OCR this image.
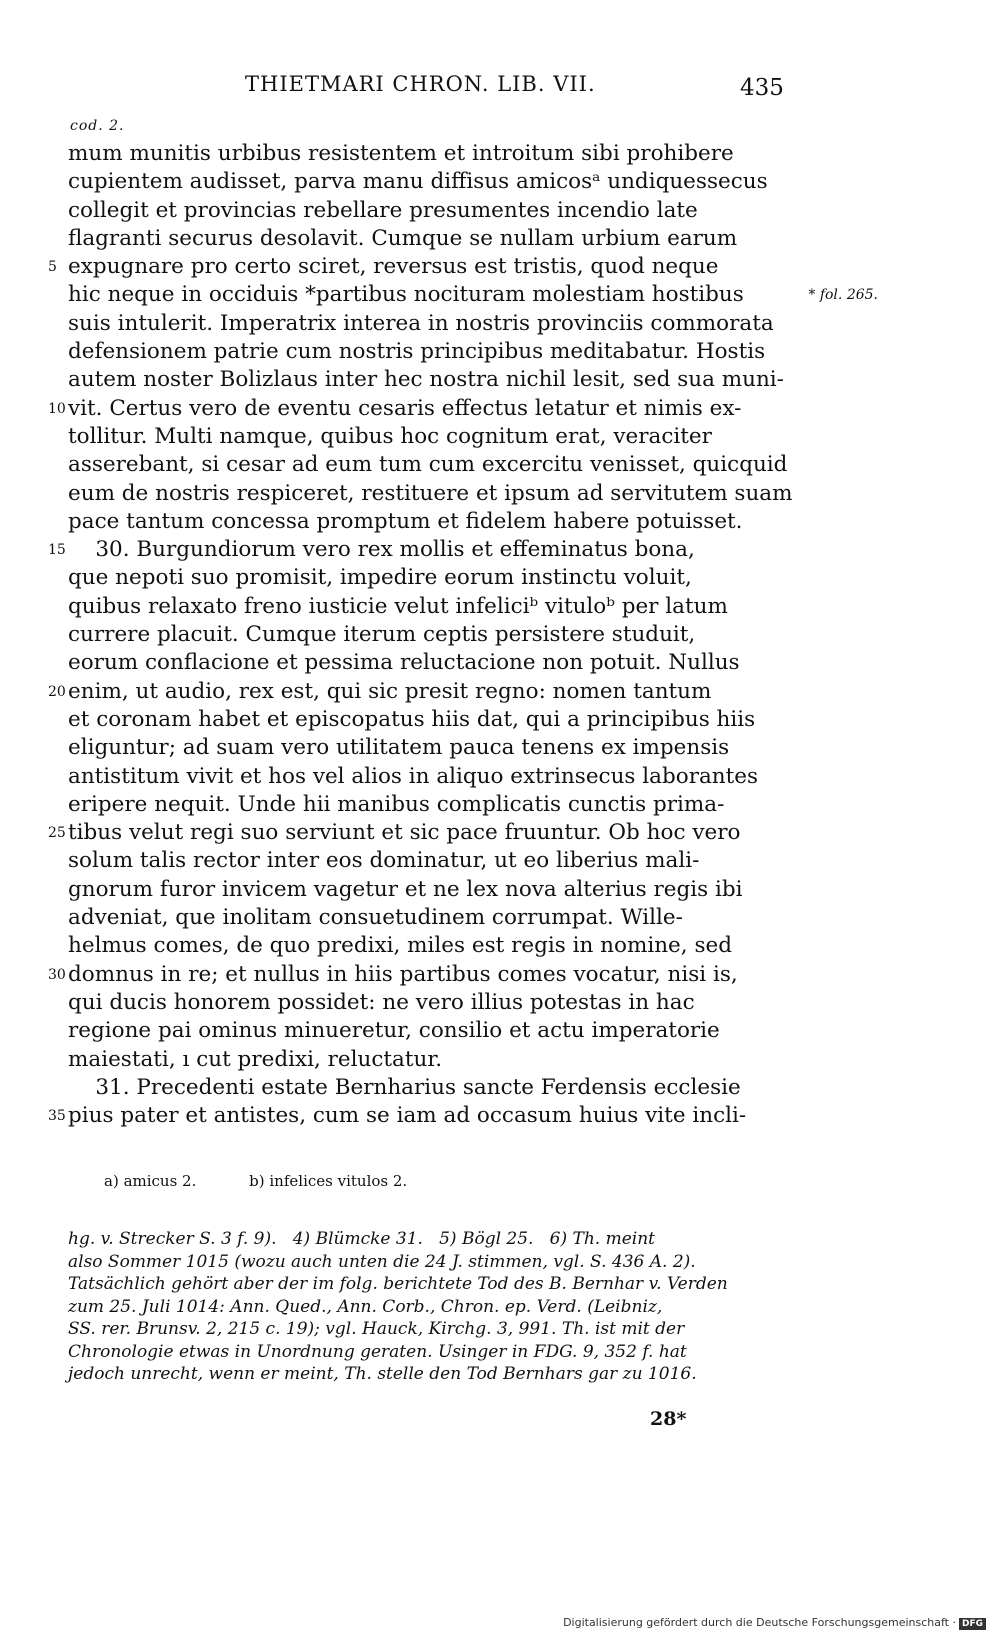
THIETMARI CHRON. LIB. VII.	435
cod. 2.
mum munitis urbibus resistentem et introitum sibi prohibere
cupientem audisset, parva manu diffisus amicosᵃ undiquessecus
collegit et provincias rebellare presumentes incendio late
flagranti securus desolavit. Cumque se nullam urbium earum
5 expugnare pro certo sciret, reversus est tristis, quod neque
hic neque in occiduis *partibus nocituram molestiam hostibus	* fol. 265.
suis intulerit. Imperatrix interea in nostris provinciis commorata
defensionem patrie cum nostris principibus meditabatur. Hostis
autem noster Bolizlaus inter hec nostra nichil lesit, sed sua muni-
10 vit. Certus vero de eventu cesaris effectus letatur et nimis ex-
tollitur. Multi namque, quibus hoc cognitum erat, veraciter
asserebant, si cesar ad eum tum cum excercitu venisset, quicquid
eum de nostris respiceret, restituere et ipsum ad servitutem suam
pace tantum concessa promptum et fidelem habere potuisset.
15 30. Burgundiorum vero rex mollis et effeminatus bona,
que nepoti suo promisit, impedire eorum instinctu voluit,
quibus relaxato freno iusticie velut infeliciᵇ vituloᵇ per latum
currere placuit. Cumque iterum ceptis persistere studuit,
eorum conflacione et pessima reluctacione non potuit. Nullus
20 enim, ut audio, rex est, qui sic presit regno: nomen tantum
et coronam habet et episcopatus hiis dat, qui a principibus hiis
eliguntur; ad suam vero utilitatem pauca tenens ex impensis
antistitum vivit et hos vel alios in aliquo extrinsecus laborantes
eripere nequit. Unde hii manibus complicatis cunctis prima-
25 tibus velut regi suo serviunt et sic pace fruuntur. Ob hoc vero
solum talis rector inter eos dominatur, ut eo liberius mali-
gnorum furor invicem vagetur et ne lex nova alterius regis ibi
adveniat, que inolitam consuetudinem corrumpat. Wille-
helmus comes, de quo predixi, miles est regis in nomine, sed
30 domnus in re; et nullus in hiis partibus comes vocatur, nisi is,
qui ducis honorem possidet: ne vero illius potestas in hac
regione pai ominus minueretur, consilio et actu imperatorie
maiestati, ı cut predixi, reluctatur.
31. Precedenti estate Bernharius sancte Ferdensis ecclesie
35 pius pater et antistes, cum se iam ad occasum huius vite incli-
a) amicus 2.	b) infelices vitulos 2.
hg. v. Strecker S. 3 f. 9).   4) Blümcke 31.   5) Bögl 25.   6) Th. meint
also Sommer 1015 (wozu auch unten die 24 J. stimmen, vgl. S. 436 A. 2).
Tatsächlich gehört aber der im folg. berichtete Tod des B. Bernhar v. Verden
zum 25. Juli 1014: Ann. Qued., Ann. Corb., Chron. ep. Verd. (Leibniz,
SS. rer. Brunsv. 2, 215 c. 19); vgl. Hauck, Kirchg. 3, 991. Th. ist mit der
Chronologie etwas in Unordnung geraten. Usinger in FDG. 9, 352 f. hat
jedoch unrecht, wenn er meint, Th. stelle den Tod Bernhars gar zu 1016.
28*
Digitalisierung gefördert durch die Deutsche Forschungsgemeinschaft · DFG
